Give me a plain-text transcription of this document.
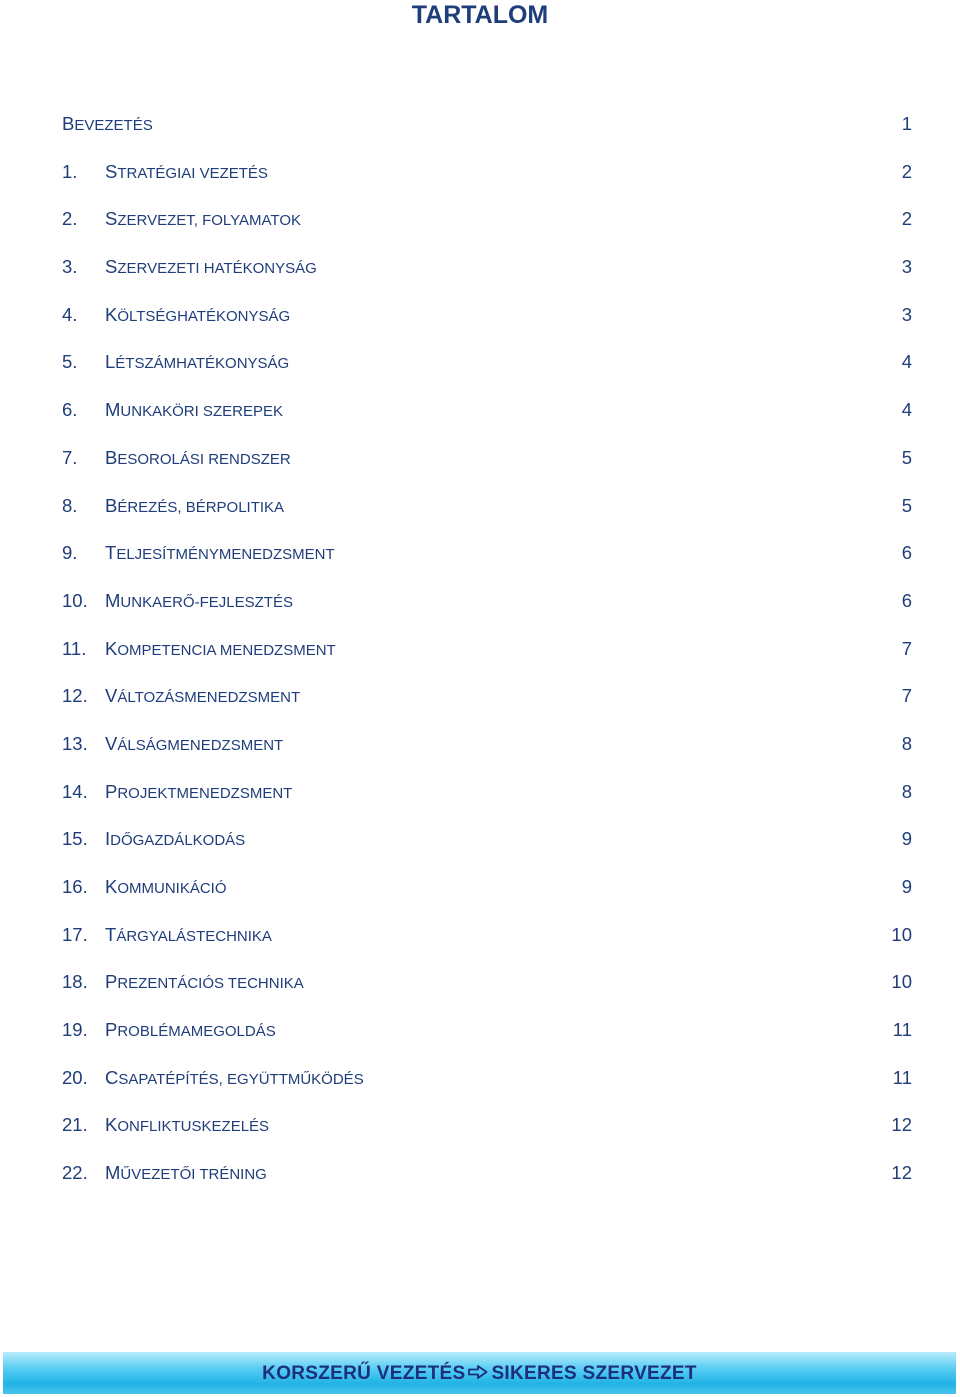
TARTALOM
BEVEZETÉS	1
1. STRATÉGIAI VEZETÉS	2
2. SZERVEZET, FOLYAMATOK	2
3. SZERVEZETI HATÉKONYSÁG	3
4. KÖLTSÉGHATÉKONYSÁG	3
5. LÉTSZÁMHATÉKONYSÁG	4
6. MUNKAKÖRI SZEREPEK	4
7. BESOROLÁSI RENDSZER	5
8. BÉREZÉS, BÉRPOLITIKA	5
9. TELJESÍTMÉNYMENEDZSMENT	6
10. MUNKAERŐ-FEJLESZTÉS	6
11. KOMPETENCIA MENEDZSMENT	7
12. VÁLTOZÁSMENEDZSMENT	7
13. VÁLSÁGMENEDZSMENT	8
14. PROJEKTMENEDZSMENT	8
15. IDŐGAZDÁLKODÁS	9
16. KOMMUNIKÁCIÓ	9
17. TÁRGYALÁSTECHNIKA	10
18. PREZENTÁCIÓS TECHNIKA	10
19. PROBLÉMAMEGOLDÁS	11
20. CSAPATÉPÍTÉS, EGYÜTTMŰKÖDÉS	11
21. KONFLIKTUSKEZELÉS	12
22. MŰVEZETŐI TRÉNING	12
KORSZERŰ VEZETÉS SIKERES SZERVEZET
